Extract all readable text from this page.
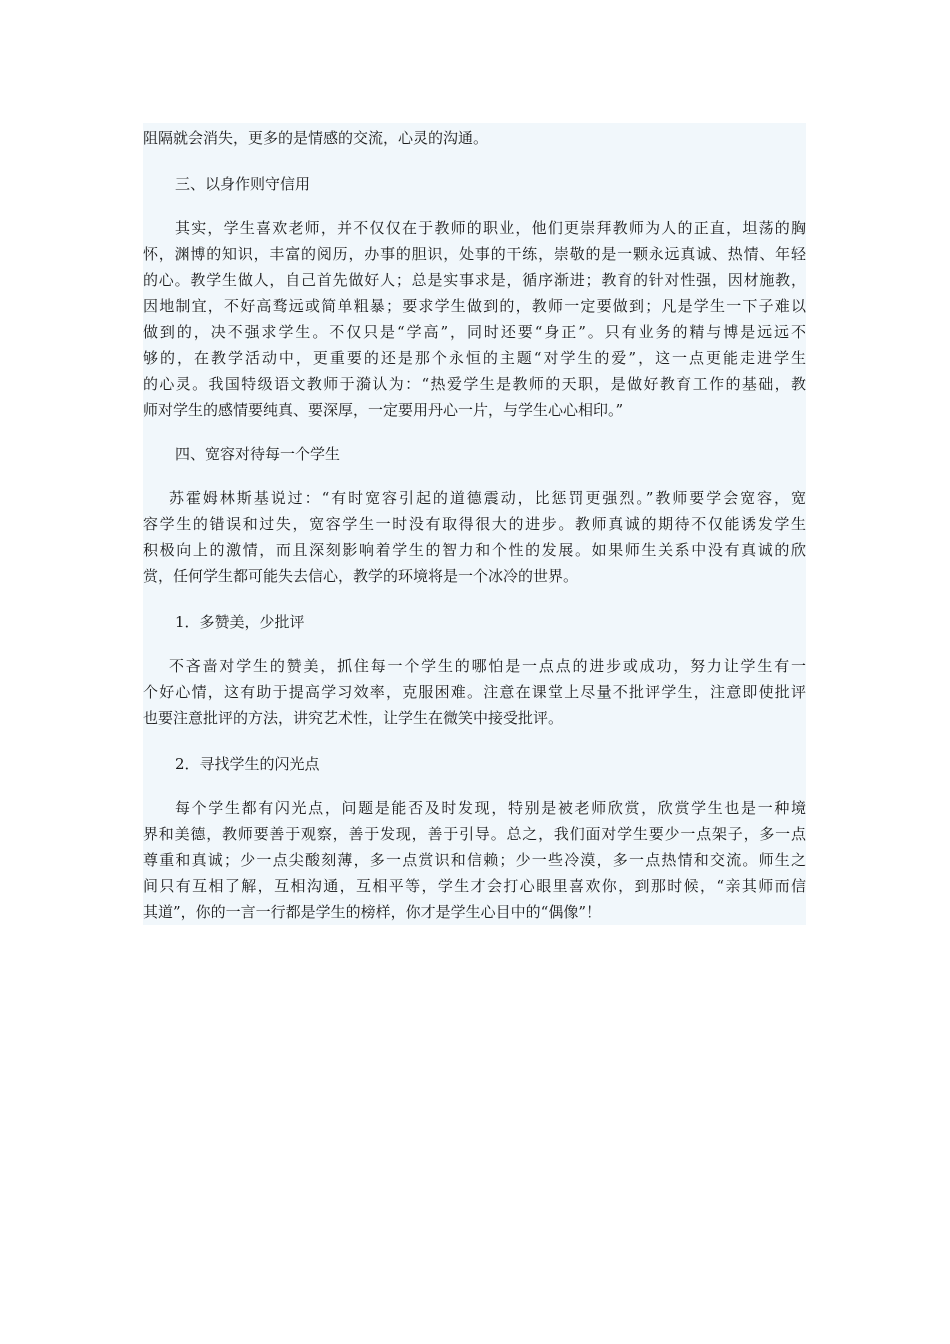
阻隔就会消失，更多的是情感的交流，心灵的沟通。
三、以身作则守信用
其实，学生喜欢老师，并不仅仅在于教师的职业，他们更崇拜教师为人的正直，坦荡的胸
怀，渊博的知识，丰富的阅历，办事的胆识，处事的干练，崇敬的是一颗永远真诚、热情、年轻
的心。教学生做人，自己首先做好人；总是实事求是，循序渐进；教育的针对性强，因材施教，
因地制宜，不好高骛远或简单粗暴；要求学生做到的，教师一定要做到；凡是学生一下子难以
做到的，决不强求学生。不仅只是“学高”，同时还要“身正”。只有业务的精与博是远远不
够的，在教学活动中，更重要的还是那个永恒的主题“对学生的爱”，这一点更能走进学生
的心灵。我国特级语文教师于漪认为：“热爱学生是教师的天职，是做好教育工作的基础，教
师对学生的感情要纯真、要深厚，一定要用丹心一片，与学生心心相印。”
四、宽容对待每一个学生
苏霍姆林斯基说过：“有时宽容引起的道德震动，比惩罚更强烈。”教师要学会宽容，宽
容学生的错误和过失，宽容学生一时没有取得很大的进步。教师真诚的期待不仅能诱发学生
积极向上的激情，而且深刻影响着学生的智力和个性的发展。如果师生关系中没有真诚的欣
赏，任何学生都可能失去信心，教学的环境将是一个冰冷的世界。
1．多赞美，少批评
不吝啬对学生的赞美，抓住每一个学生的哪怕是一点点的进步或成功，努力让学生有一
个好心情，这有助于提高学习效率，克服困难。注意在课堂上尽量不批评学生，注意即使批评
也要注意批评的方法，讲究艺术性，让学生在微笑中接受批评。
2．寻找学生的闪光点
每个学生都有闪光点，问题是能否及时发现，特别是被老师欣赏，欣赏学生也是一种境
界和美德，教师要善于观察，善于发现，善于引导。总之，我们面对学生要少一点架子，多一点
尊重和真诚；少一点尖酸刻薄，多一点赏识和信赖；少一些冷漠，多一点热情和交流。师生之
间只有互相了解，互相沟通，互相平等，学生才会打心眼里喜欢你，到那时候，“亲其师而信
其道”，你的一言一行都是学生的榜样，你才是学生心目中的“偶像”！
